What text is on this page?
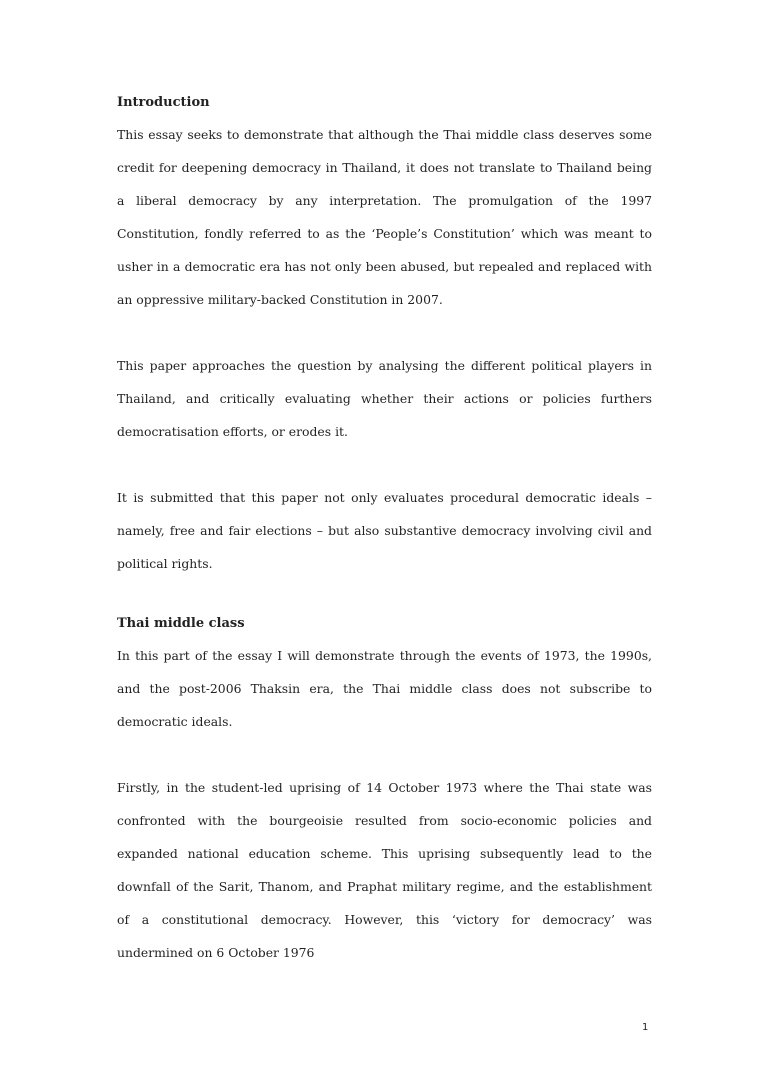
Introduction

This essay seeks to demonstrate that although the Thai middle class deserves some credit for deepening democracy in Thailand, it does not translate to Thailand being a liberal democracy by any interpretation. The promulgation of the 1997 Constitution, fondly referred to as the ‘People’s Constitution’ which was meant to usher in a democratic era has not only been abused, but repealed and replaced with an oppressive military-backed Constitution in 2007.

This paper approaches the question by analysing the different political players in Thailand, and critically evaluating whether their actions or policies furthers democratisation efforts, or erodes it.

It is submitted that this paper not only evaluates procedural democratic ideals – namely, free and fair elections – but also substantive democracy involving civil and political rights.

Thai middle class

In this part of the essay I will demonstrate through the events of 1973, the 1990s, and the post-2006 Thaksin era, the Thai middle class does not subscribe to democratic ideals.

Firstly, in the student-led uprising of 14 October 1973 where the Thai state was confronted with the bourgeoisie resulted from socio-economic policies and expanded national education scheme. This uprising subsequently lead to the downfall of the Sarit, Thanom, and Praphat military regime, and the establishment of a constitutional democracy. However, this ‘victory for democracy’ was undermined on 6 October 1976

1
